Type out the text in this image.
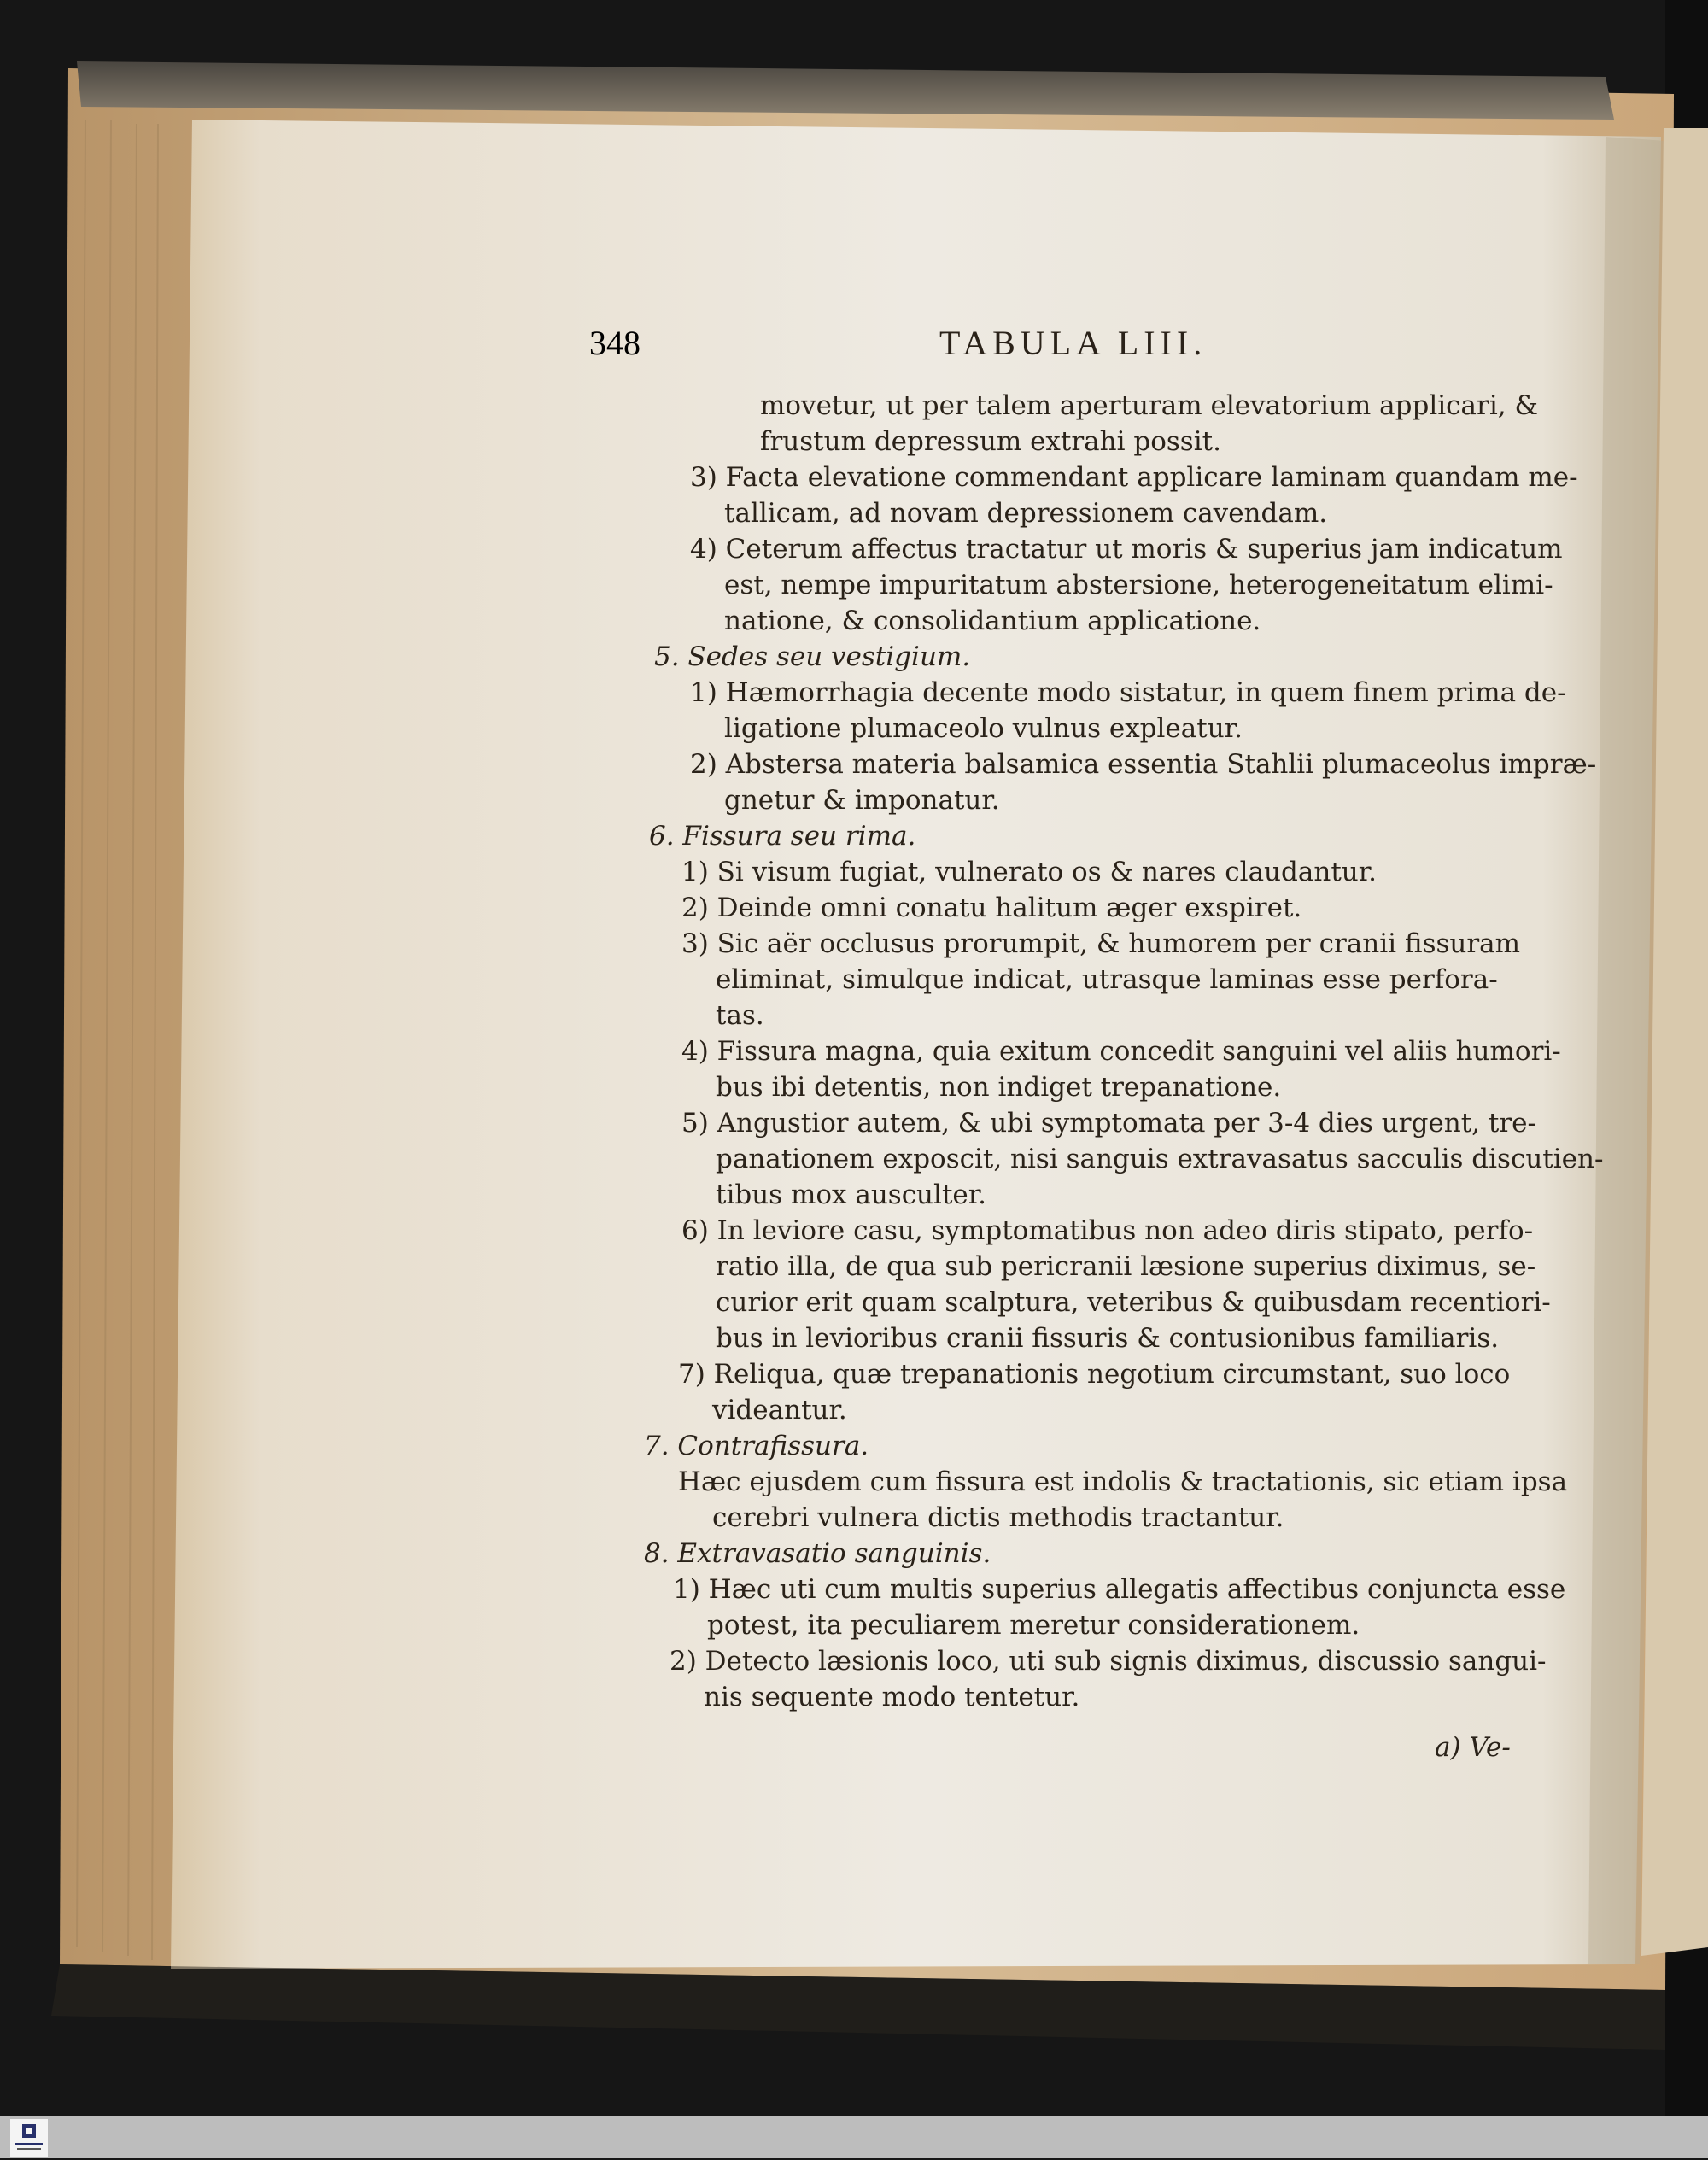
348	TABULA LIII.
movetur, ut per talem aperturam elevatorium applicari, &
frustum depressum extrahi possit.
3) Facta elevatione commendant applicare laminam quandam me-
tallicam, ad novam depressionem cavendam.
4) Ceterum affectus tractatur ut moris & superius jam indicatum
est, nempe impuritatum abstersione, heterogeneitatum elimi-
natione, & consolidantium applicatione.
5. Sedes seu vestigium.
1) Hæmorrhagia decente modo sistatur, in quem finem prima de-
ligatione plumaceolo vulnus expleatur.
2) Abstersa materia balsamica essentia Stahlii plumaceolus impræ-
gnetur & imponatur.
6. Fissura seu rima.
1) Si visum fugiat, vulnerato os & nares claudantur.
2) Deinde omni conatu halitum æger exspiret.
3) Sic aër occlusus prorumpit, & humorem per cranii fissuram
eliminat, simulque indicat, utrasque laminas esse perfora-
tas.
4) Fissura magna, quia exitum concedit sanguini vel aliis humori-
bus ibi detentis, non indiget trepanatione.
5) Angustior autem, & ubi symptomata per 3-4 dies urgent, tre-
panationem exposcit, nisi sanguis extravasatus sacculis discutien-
tibus mox ausculter.
6) In leviore casu, symptomatibus non adeo diris stipato, perfo-
ratio illa, de qua sub pericranii læsione superius diximus, se-
curior erit quam scalptura, veteribus & quibusdam recentiori-
bus in levioribus cranii fissuris & contusionibus familiaris.
7) Reliqua, quæ trepanationis negotium circumstant, suo loco
videantur.
7. Contrafissura.
Hæc ejusdem cum fissura est indolis & tractationis, sic etiam ipsa
cerebri vulnera dictis methodis tractantur.
8. Extravasatio sanguinis.
1) Hæc uti cum multis superius allegatis affectibus conjuncta esse
potest, ita peculiarem meretur considerationem.
2) Detecto læsionis loco, uti sub signis diximus, discussio sangui-
nis sequente modo tentetur.
a) Ve-
